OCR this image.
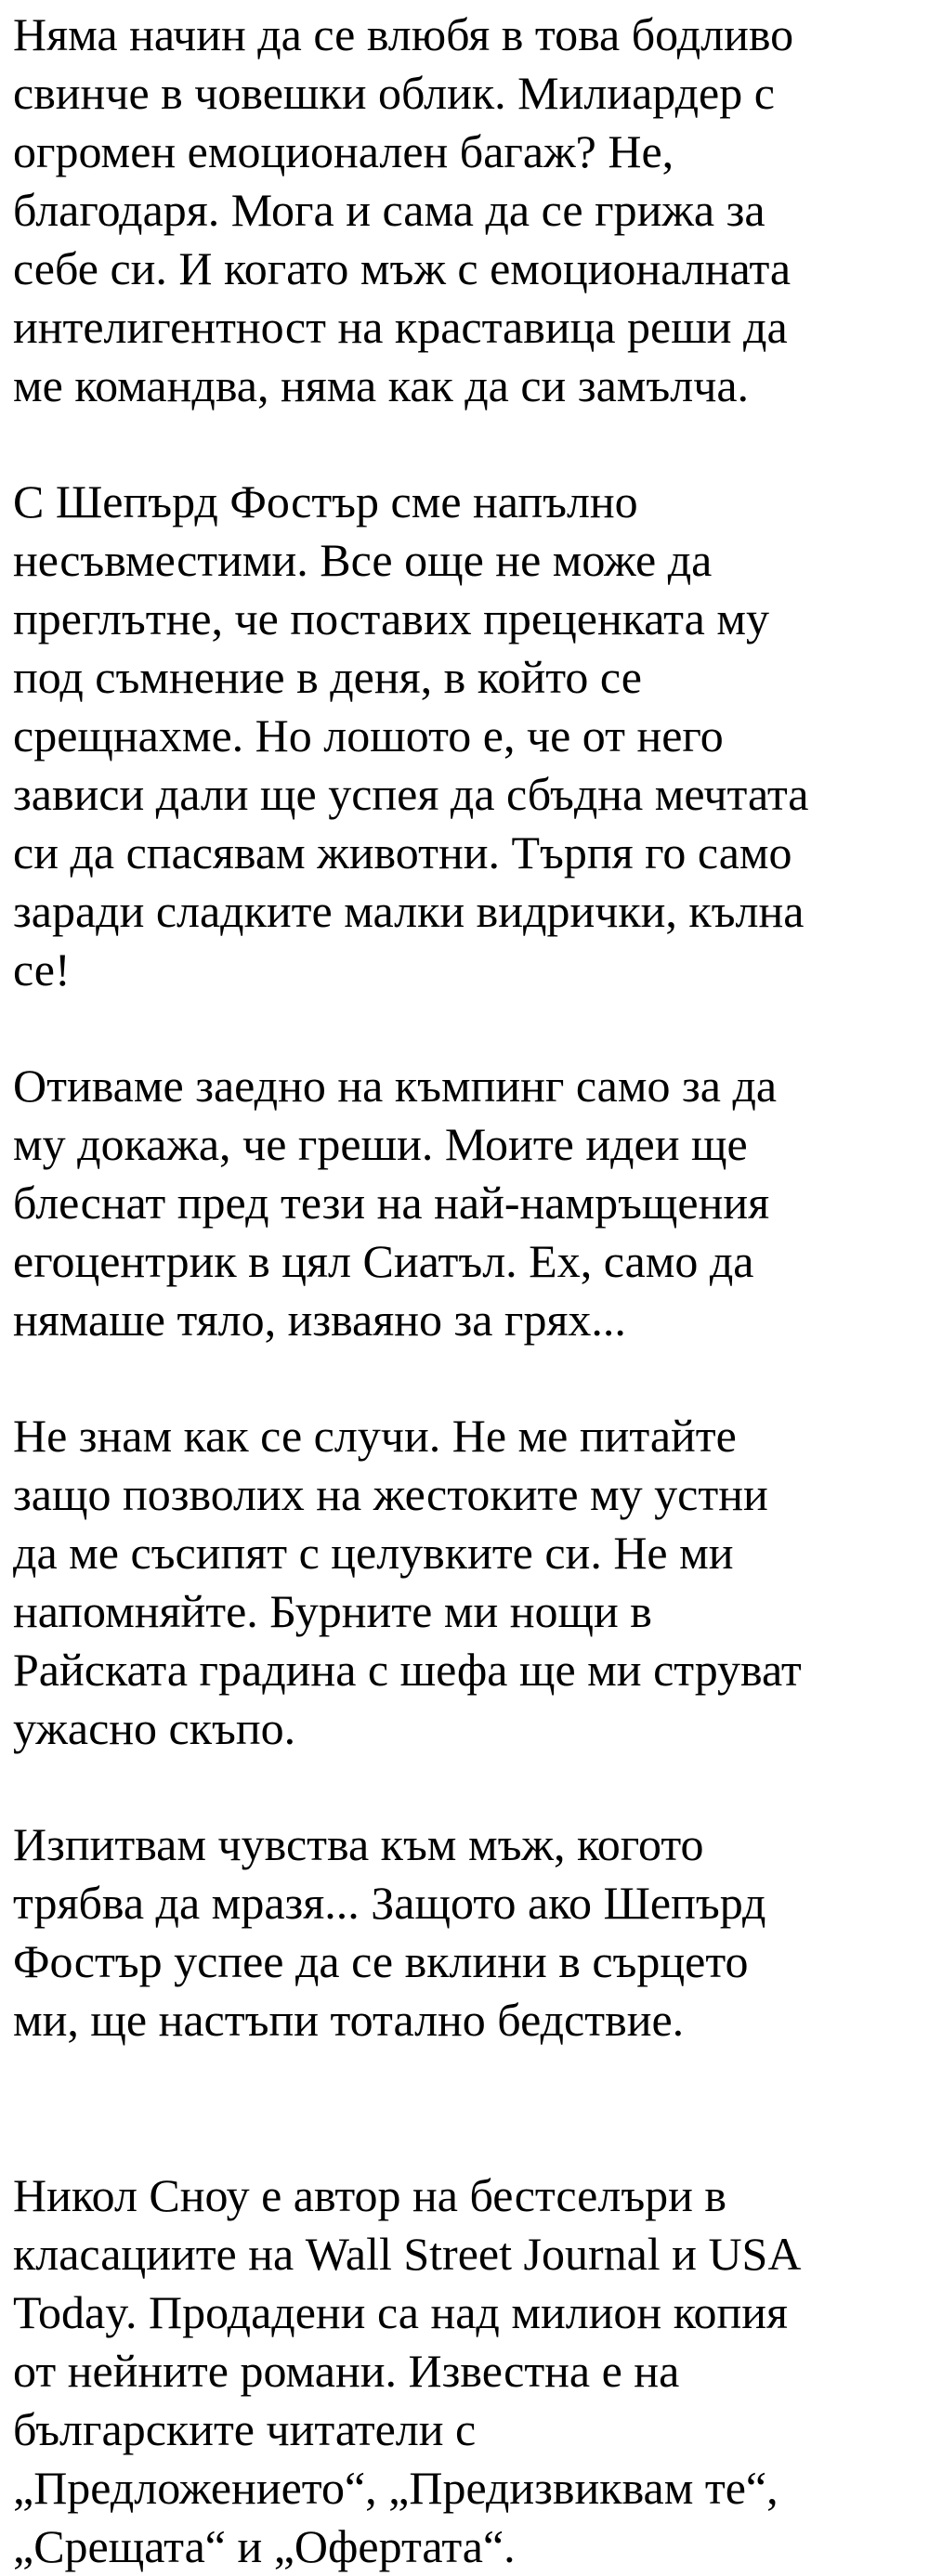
Няма начин да се влюбя в това бодливо
свинче в човешки облик. Милиардер с
огромен емоционален багаж? Не,
благодаря. Мога и сама да се грижа за
себе си. И когато мъж с емоционалната
интелигентност на краставица реши да
ме командва, няма как да си замълча.

С Шепърд Фостър сме напълно
несъвместими. Все още не може да
преглътне, че поставих преценката му
под съмнение в деня, в който се
срещнахме. Но лошото е, че от него
зависи дали ще успея да сбъдна мечтата
си да спасявам животни. Търпя го само
заради сладките малки видрички, кълна
се!

Отиваме заедно на къмпинг само за да
му докажа, че греши. Моите идеи ще
блеснат пред тези на най-намръщения
егоцентрик в цял Сиатъл. Ех, само да
нямаше тяло, изваяно за грях...

Не знам как се случи. Не ме питайте
защо позволих на жестоките му устни
да ме съсипят с целувките си. Не ми
напомняйте. Бурните ми нощи в
Райската градина с шефа ще ми струват
ужасно скъпо.

Изпитвам чувства към мъж, когото
трябва да мразя... Защото ако Шепърд
Фостър успее да се вклини в сърцето
ми, ще настъпи тотално бедствие.

Никол Сноу е автор на бестселъри в
класациите на Wall Street Journal и USA
Today. Продадени са над милион копия
от нейните романи. Известна е на
българските читатели с
„Предложението“, „Предизвиквам те“,
„Срещата“ и „Офертата“.
